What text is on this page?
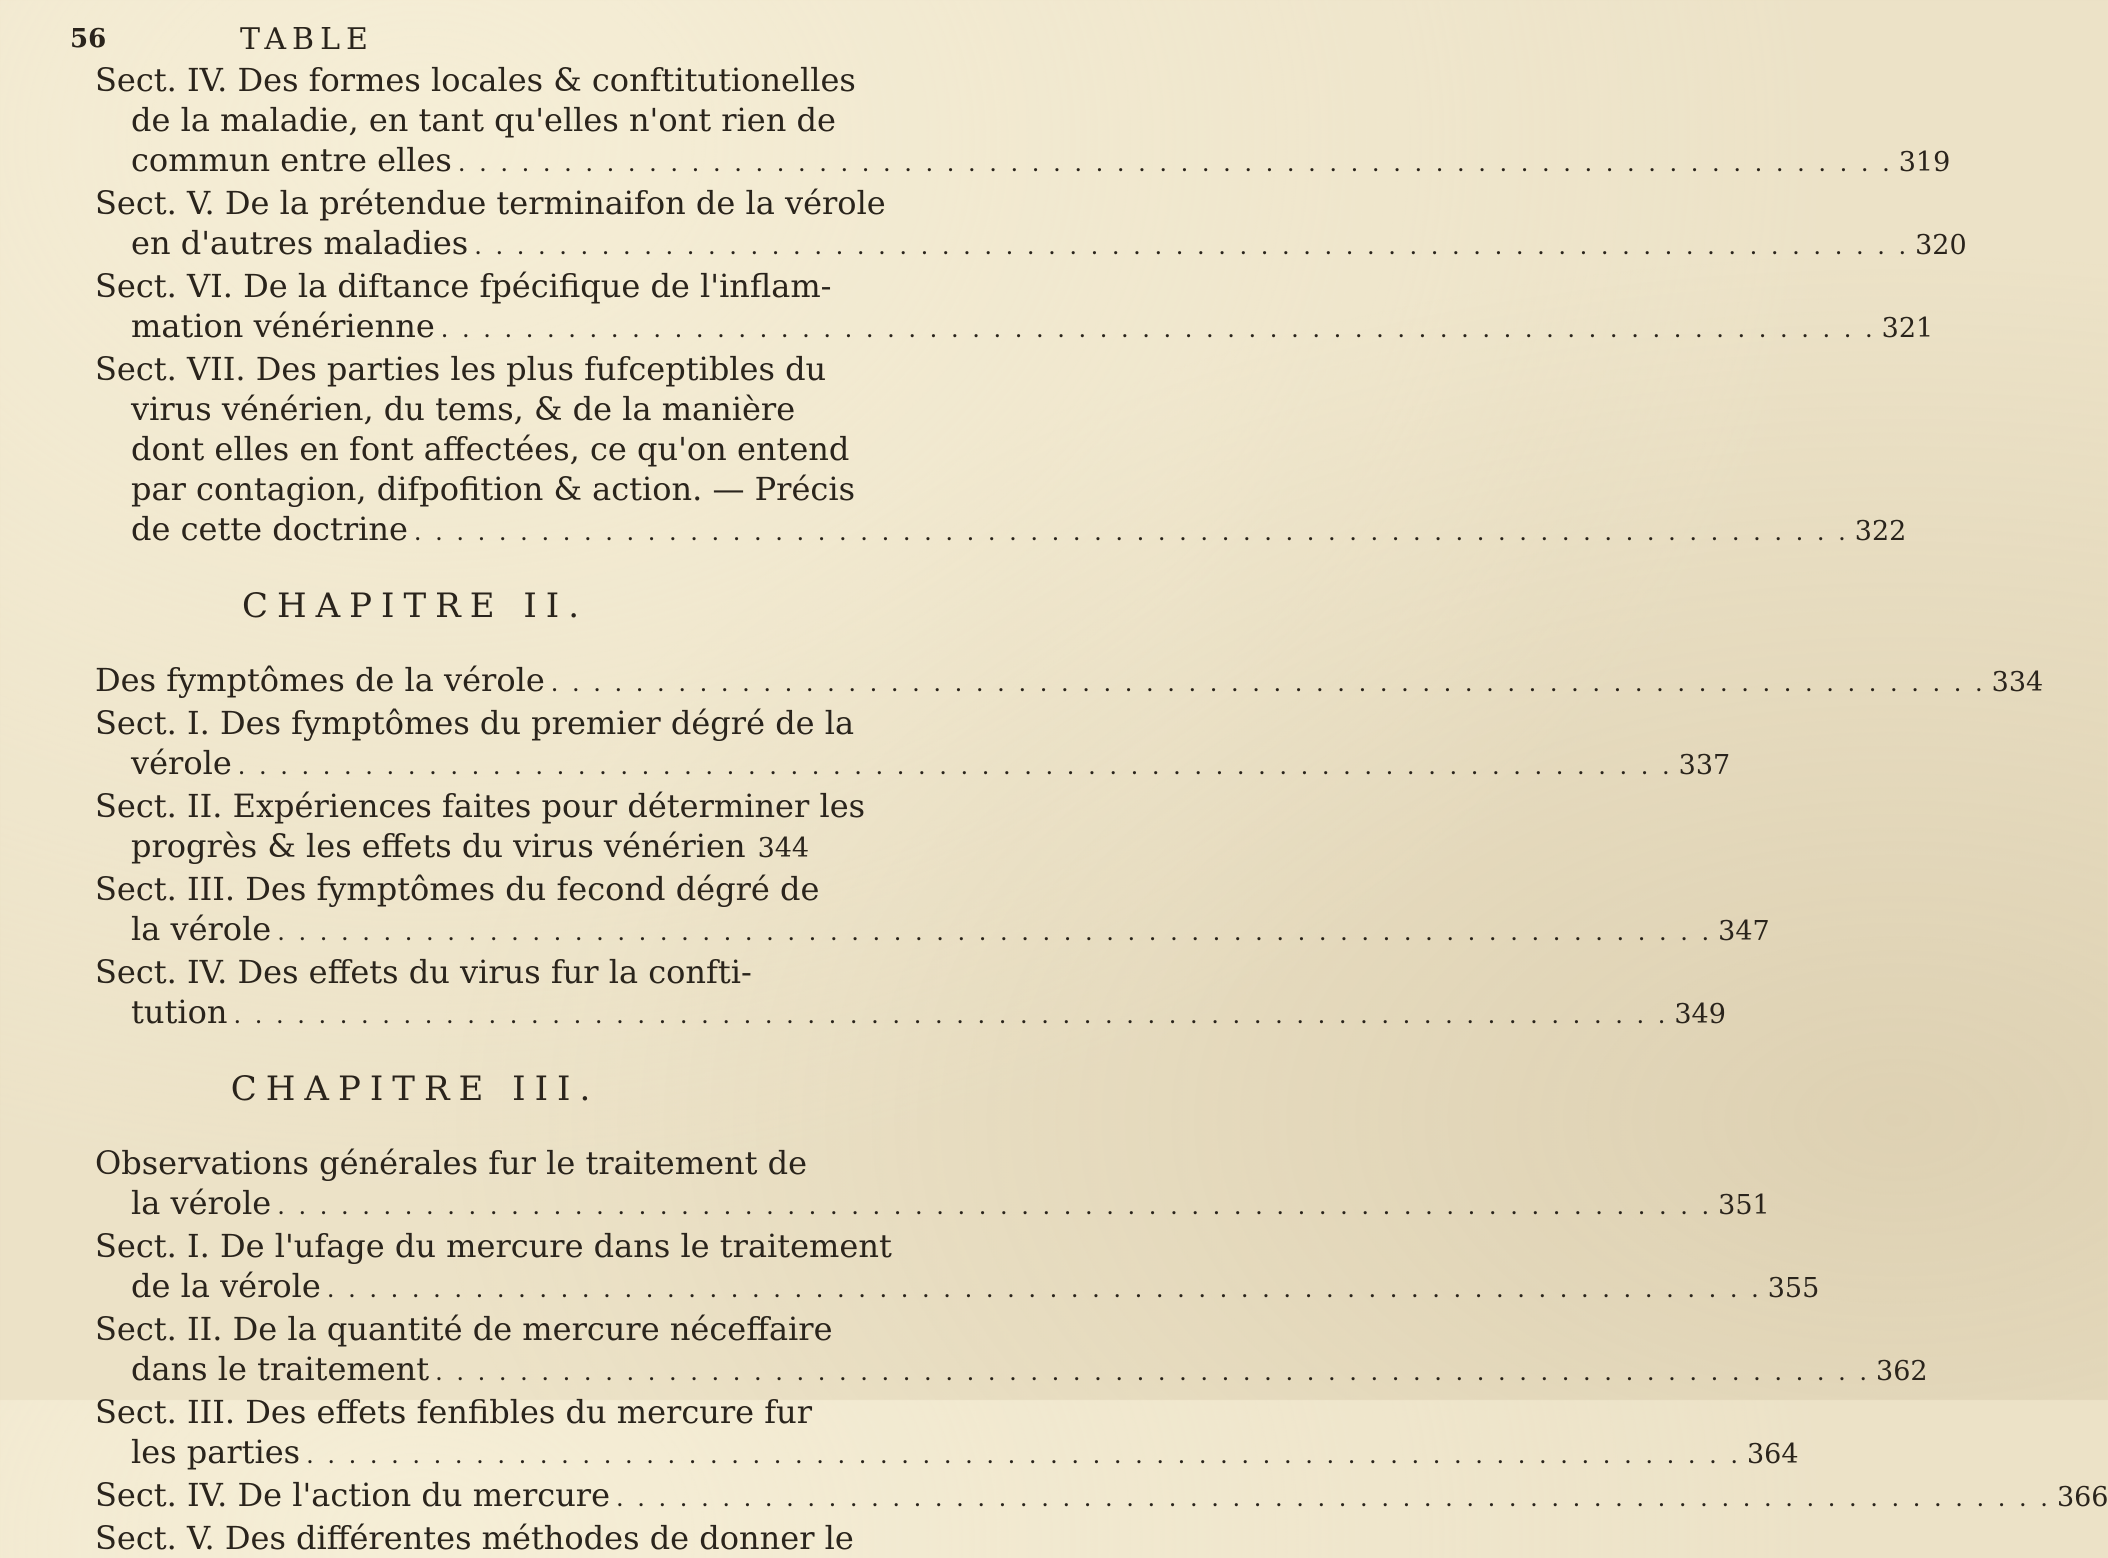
56	TABLE
Sect. IV. Des formes locales & conftitutionelles
de la maladie, en tant qu'elles n'ont rien de
commun entre elles . . .	319
Sect. V. De la prétendue terminaifon de la vérole
en d'autres maladies . . .	320
Sect. VI. De la diftance fpécifique de l'inflam-
mation vénérienne . . .	321
Sect. VII. Des parties les plus fufceptibles du
virus vénérien, du tems, & de la manière
dont elles en font affectées, ce qu'on entend
par contagion, difpofition & action. — Précis
de cette doctrine . . .	322
CHAPITRE II.
Des fymptômes de la vérole . . .	334
Sect. I. Des fymptômes du premier dégré de la
vérole . . .	337
Sect. II. Expériences faites pour déterminer les
progrès & les effets du virus vénérien 344
Sect. III. Des fymptômes du fecond dégré de
la vérole . . .	347
Sect. IV. Des effets du virus fur la confti-
tution . . .	349
CHAPITRE III.
Observations générales fur le traitement de
la vérole . . .	351
Sect. I. De l'ufage du mercure dans le traitement
de la vérole . . .	355
Sect. II. De la quantité de mercure néceffaire
dans le traitement . . .	362
Sect. III. Des effets fenfibles du mercure fur
les parties . . .	364
Sect. IV. De l'action du mercure . . .	366
Sect. V. Des différentes méthodes de donner le
